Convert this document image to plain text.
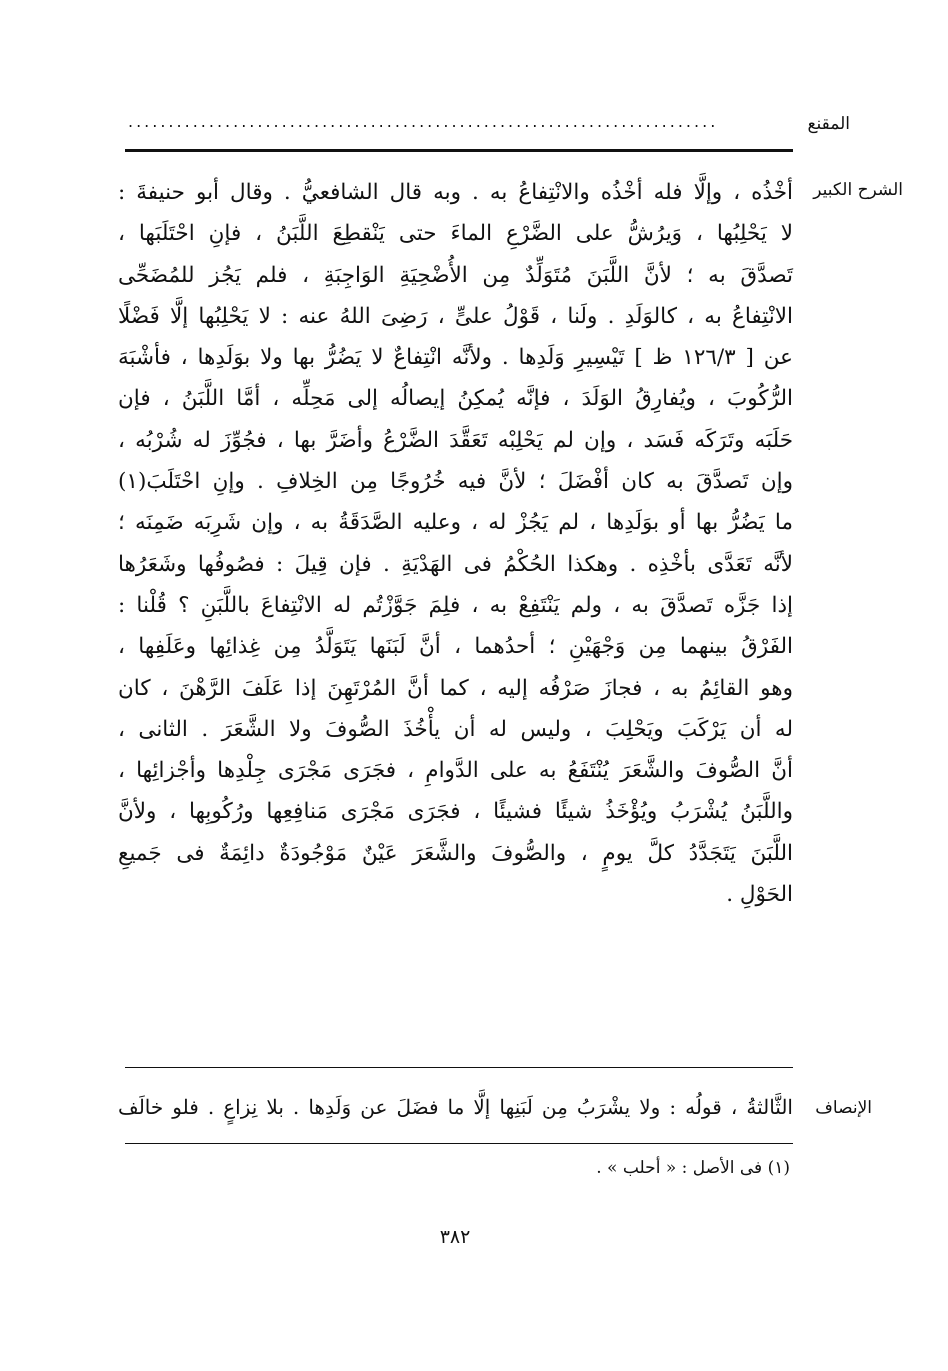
المقنع
.........................................................................
الشرح الكبير
أخْذُه ، وإلَّا فله أخْذُه والانْتِفاعُ به . وبه قال الشافعيُّ . وقال أبو حنيفةَ :
لا يَحْلِبُها ، وَيرُشُّ على الضَّرْعِ الماءَ حتى يَنْقطِعَ اللَّبَنُ ، فإنِ احْتَلَبَها ،
تَصدَّقَ به ؛ لأنَّ اللَّبَنَ مُتَوَلِّدٌ مِن الأُضْحِيَةِ الوَاجِبَةِ ، فلم يَجُز للمُضَحِّى
الانْتِفاعُ به ، كالوَلَدِ . ولَنا ، قَوْلُ علىٍّ ، رَضِىَ اللهُ عنه : لا يَحْلِبُها إلَّا فَضْلًا
عن [ ١٢٦/٣ ظ ] تَيْسِيرِ وَلَدِها . ولأنَّه انْتِفاعٌ لا يَضُرُّ بها ولا بوَلَدِها ، فأشْبَهَ
الرُّكُوبَ ، ويُفارِقُ الوَلَدَ ، فإنَّه يُمكِنُ إيصالُه إلى مَحِلِّه ، أمَّا اللَّبَنُ ، فإن
حَلَبَه وتَرَكَه فَسَد ، وإن لم يَحْلِبْه تَعَقَّدَ الضَّرْعُ وأضَرَّ بها ، فجُوِّزَ له شُرْبُه ،
وإن تَصدَّقَ به كان أفْضَلَ ؛ لأنَّ فيه خُرُوجًا مِن الخِلافِ . وإنِ احْتَلَبَ(١)
ما يَضُرُّ بها أو بوَلَدِها ، لم يَجُزْ له ، وعليه الصَّدَقَةُ به ، وإن شَرِبَه ضَمِنَه ؛
لأنَّه تَعَدَّى بأخْذِه . وهكذا الحُكْمُ فى الهَدْيَةِ . فإن قِيلَ : فصُوفُها وشَعَرُها
إذا جَزَّه تَصدَّقَ به ، ولم يَنْتَفِعْ به ، فلِمَ جَوَّزْتُم له الانْتِفاعَ باللَّبَنِ ؟ قُلْنا :
الفَرْقُ بينهما مِن وَجْهَيْنِ ؛ أحدُهما ، أنَّ لَبَنَها يَتَوَلَّدُ مِن غِذائِها وعَلَفِها ،
وهو القائِمُ به ، فجازَ صَرْفُه إليه ، كما أنَّ المُرْتَهِنَ إذا عَلَفَ الرَّهْنَ ، كان
له أن يَرْكَبَ ويَحْلِبَ ، وليس له أن يأْخُذَ الصُّوفَ ولا الشَّعَرَ . الثانى ،
أنَّ الصُّوفَ والشَّعَرَ يُنْتَفَعُ به على الدَّوامِ ، فجَرَى مَجْرَى جِلْدِها وأجْزائِها ،
واللَّبَنُ يُشْرَبُ ويُؤْخَذُ شيئًا فشيئًا ، فجَرَى مَجْرَى مَنافِعِها ورُكُوبِها ، ولأنَّ
اللَّبَنَ يَتَجَدَّدُ كلَّ يومٍ ، والصُّوفَ والشَّعَرَ عَيْنٌ مَوْجُودَةٌ دائِمَةٌ فى جَميعِ
الحَوْلِ .
الإنصاف
الثَّالثةُ ، قولُه : ولا يشْرَبُ مِن لَبَنِها إلَّا ما فضَلَ عن وَلَدِها . بلا نِزاعٍ . فلو خالَف
(١) فى الأصل : « أحلب » .
٣٨٢
